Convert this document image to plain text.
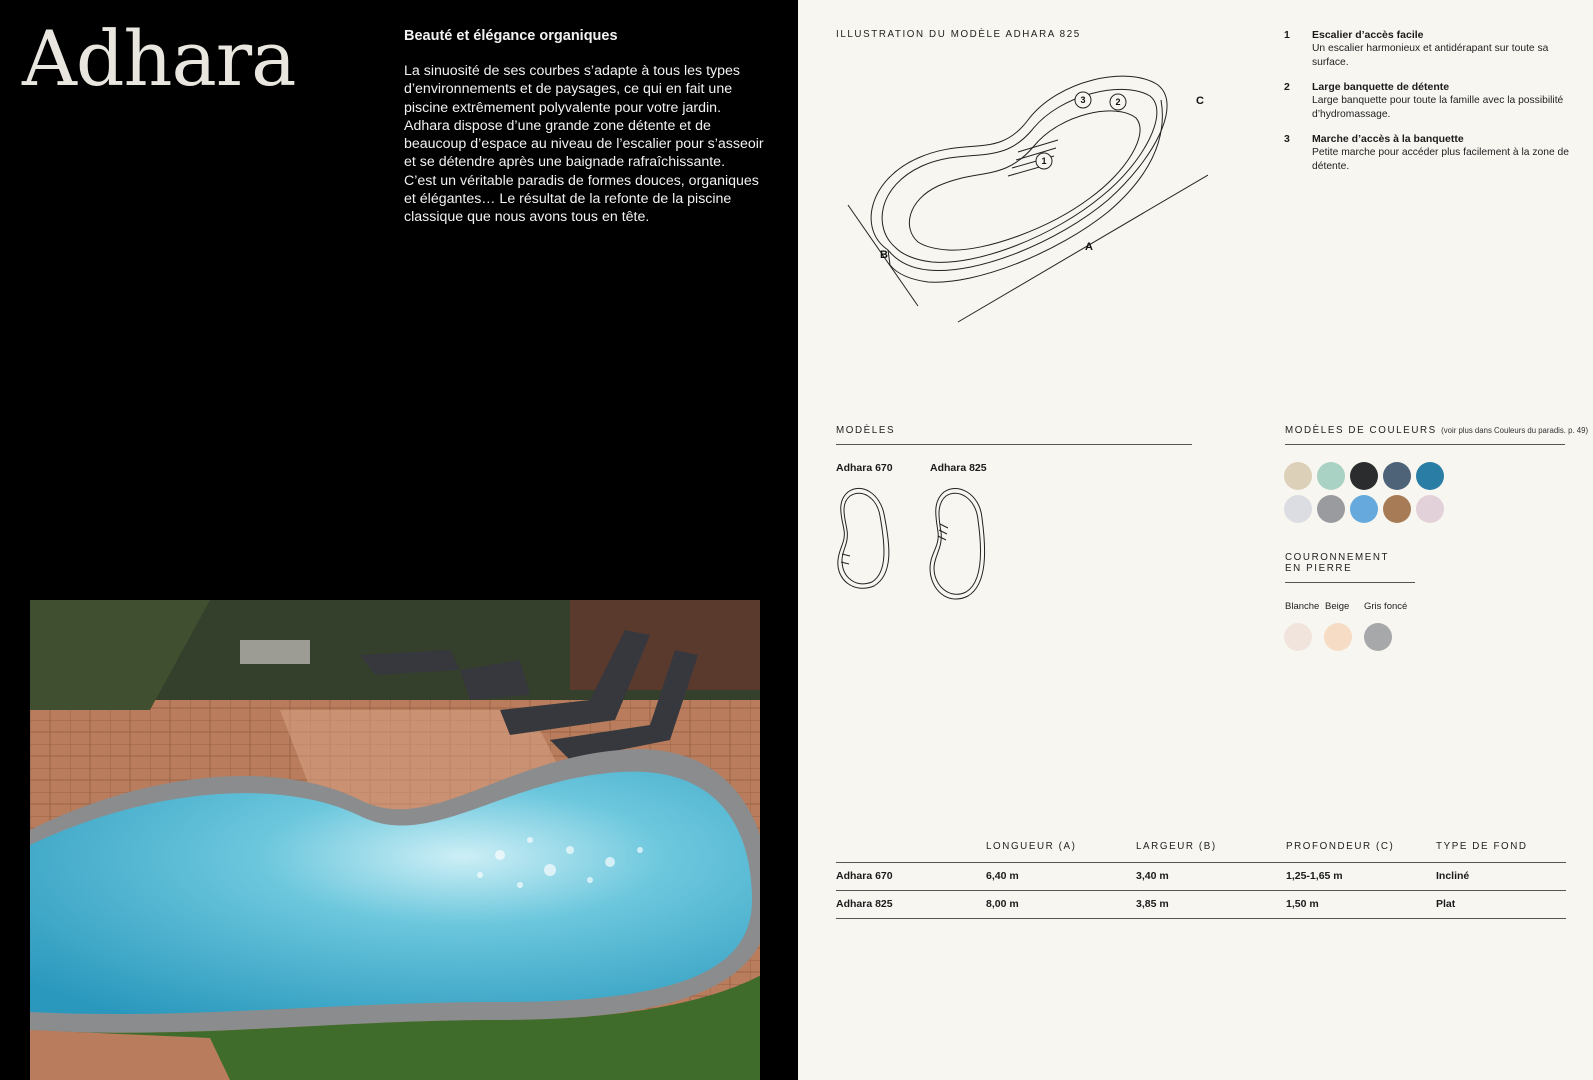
Adhara	Beauté et élégance organiques

La sinuosité de ses courbes s’adapte à tous les types d’environnements et de paysages, ce qui en fait une piscine extrêmement polyvalente pour votre jardin. Adhara dispose d’une grande zone détente et de beaucoup d’espace au niveau de l’escalier pour s’asseoir et se détendre après une baignade rafraîchissante.
C’est un véritable paradis de formes douces, organiques et élégantes… Le résultat de la refonte de la piscine classique que nous avons tous en tête.

ILLUSTRATION DU MODÈLE ADHARA 825
1
2
3
A
B
C
1	Escalier d’accès facile
Un escalier harmonieux et antidérapant sur toute sa surface.
2	Large banquette de détente
Large banquette pour toute la famille avec la possibilité d’hydromassage.
3	Marche d’accès à la banquette
Petite marche pour accéder plus facilement à la zone de détente.
MODÈLES
Adhara 670	Adhara 825
MODÈLES DE COULEURS (voir plus dans Couleurs du paradis. p. 49)
COURONNEMENT
EN PIERRE
Blanche Beige Gris foncé
	LONGUEUR (A)	LARGEUR (B)	PROFONDEUR (C)	TYPE DE FOND
Adhara 670	6,40 m	3,40 m	1,25-1,65 m	Incliné
Adhara 825	8,00 m	3,85 m	1,50 m	Plat
